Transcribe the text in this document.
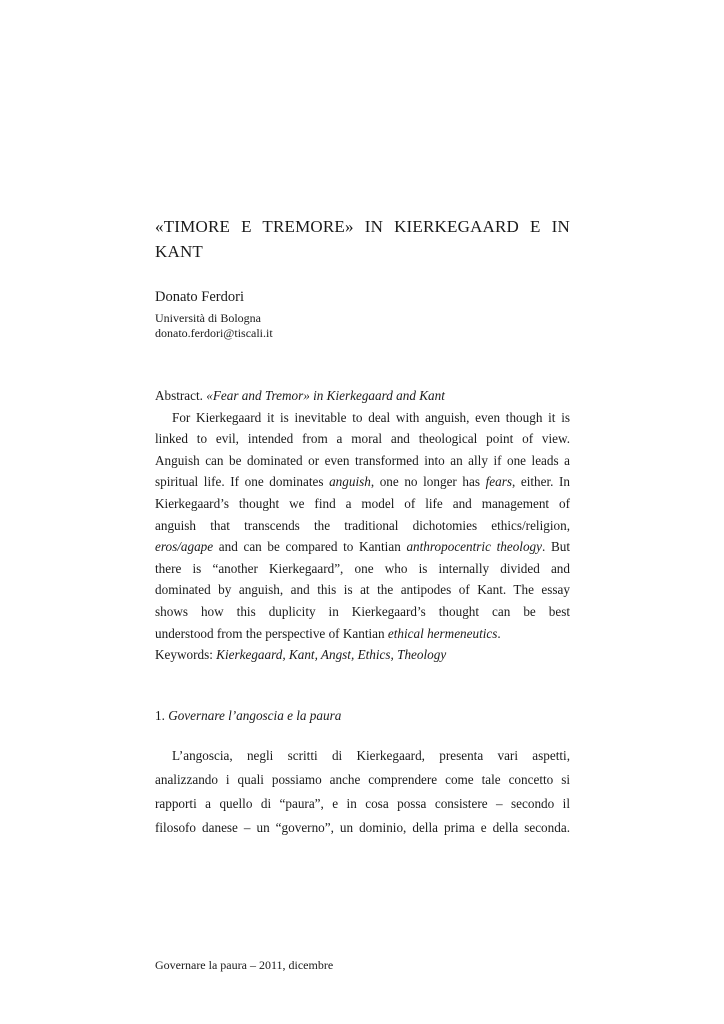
«TIMORE E TREMORE» IN KIERKEGAARD E IN
KANT
Donato Ferdori
Università di Bologna
donato.ferdori@tiscali.it

Abstract. «Fear and Tremor» in Kierkegaard and Kant

For Kierkegaard it is inevitable to deal with anguish, even though it is
linked to evil, intended from a moral and theological point of view.
Anguish can be dominated or even transformed into an ally if one leads a
spiritual life. If one dominates anguish, one no longer has fears, either. In
Kierkegaard’s thought we find a model of life and management of
anguish that transcends the traditional dichotomies ethics/religion,
eros/agape and can be compared to Kantian anthropocentric theology. But
there is “another Kierkegaard”, one who is internally divided and
dominated by anguish, and this is at the antipodes of Kant. The essay
shows how this duplicity in Kierkegaard’s thought can be best
understood from the perspective of Kantian ethical hermeneutics.

Keywords: Kierkegaard, Kant, Angst, Ethics, Theology

1. Governare l’angoscia e la paura
L’angoscia, negli scritti di Kierkegaard, presenta vari aspetti,
analizzando i quali possiamo anche comprendere come tale concetto si
rapporti a quello di “paura”, e in cosa possa consistere – secondo il
filosofo danese – un “governo”, un dominio, della prima e della seconda.
Governare la paura – 2011, dicembre
